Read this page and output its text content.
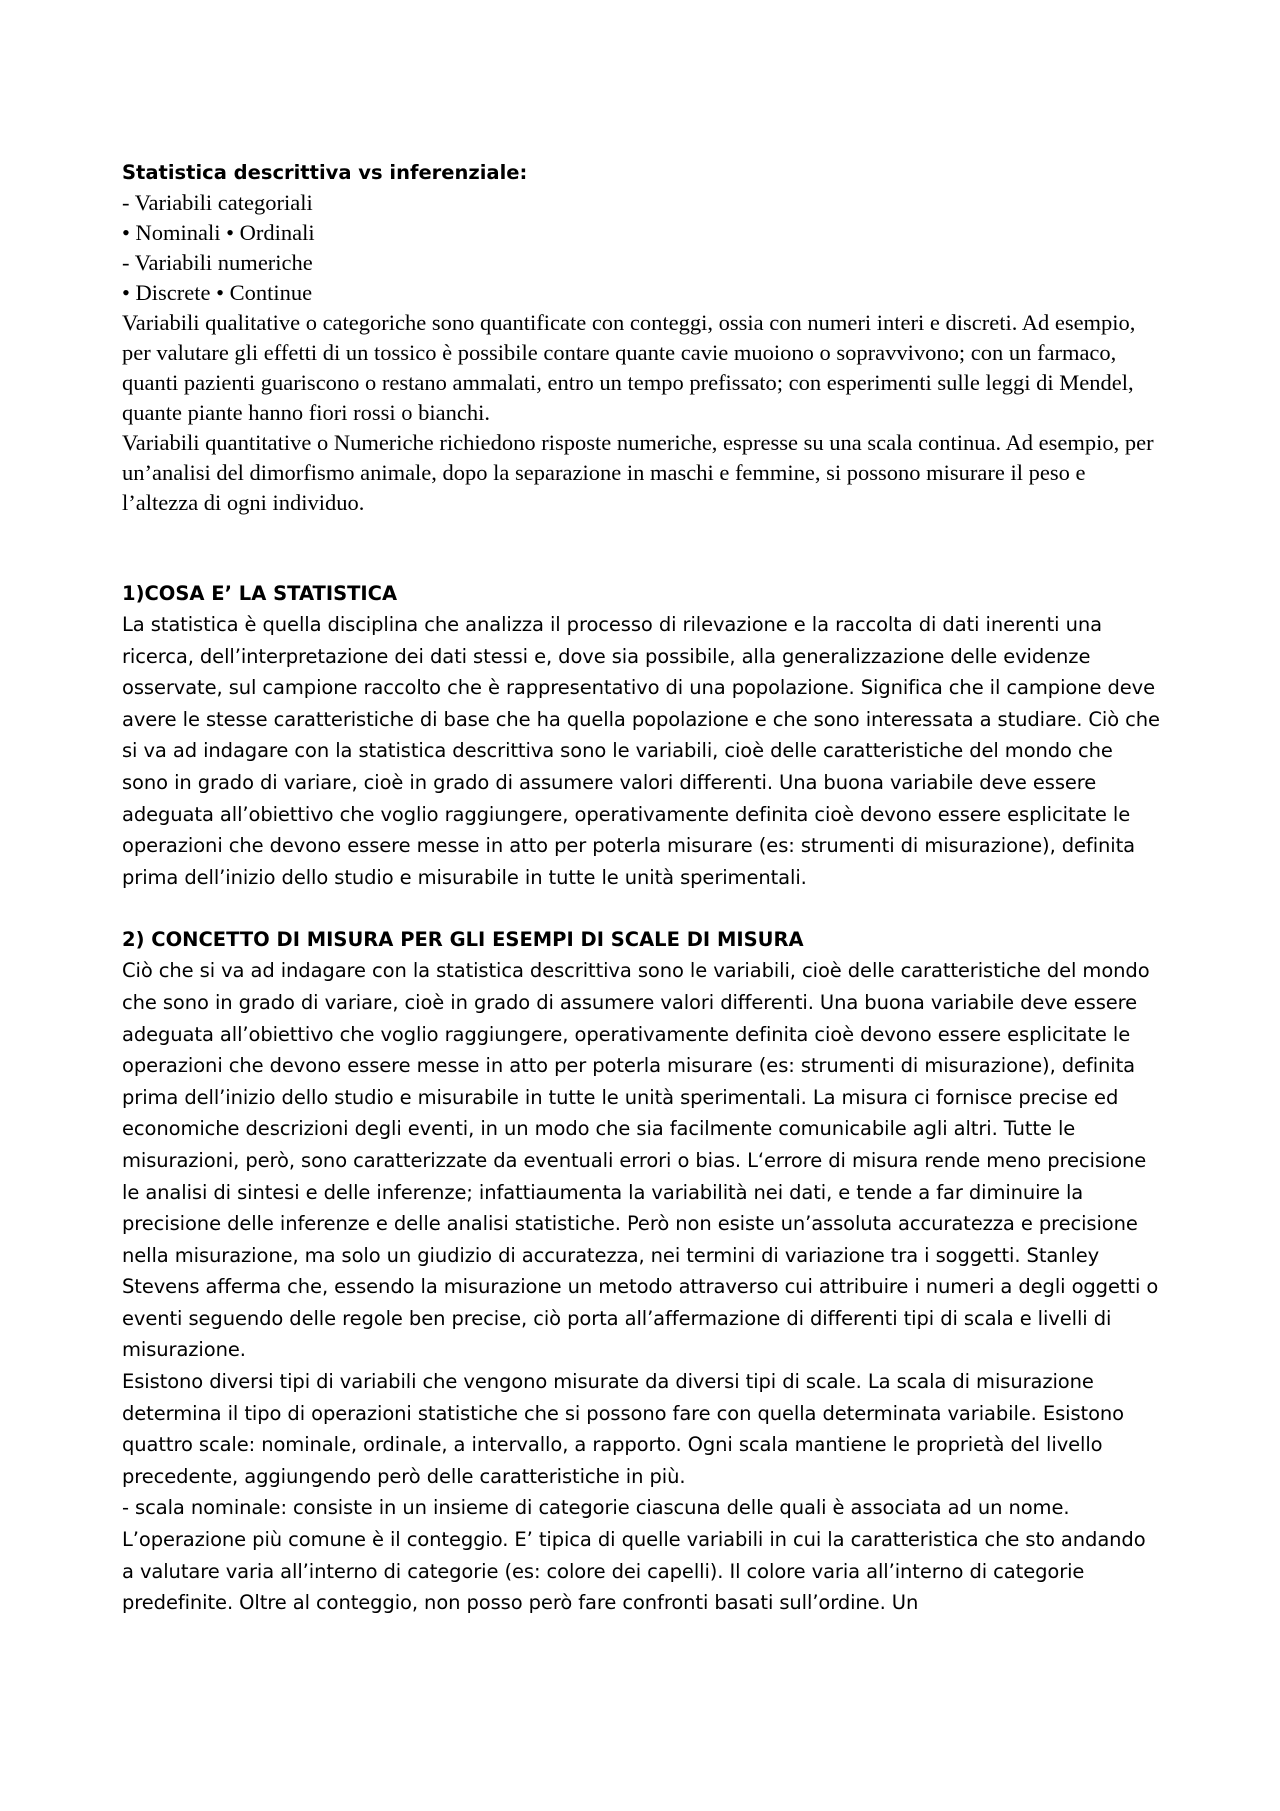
Statistica descrittiva vs inferenziale:

- Variabili categoriali

• Nominali • Ordinali

- Variabili numeriche

• Discrete • Continue

Variabili qualitative o categoriche sono quantificate con conteggi, ossia con numeri interi e discreti. Ad esempio, per valutare gli effetti di un tossico è possibile contare quante cavie muoiono o sopravvivono; con un farmaco, quanti pazienti guariscono o restano ammalati, entro un tempo prefissato; con esperimenti sulle leggi di Mendel, quante piante hanno fiori rossi o bianchi.

Variabili quantitative o Numeriche richiedono risposte numeriche, espresse su una scala continua. Ad esempio, per un’analisi del dimorfismo animale, dopo la separazione in maschi e femmine, si possono misurare il peso e l’altezza di ogni individuo.

1)COSA E’ LA STATISTICA

La statistica è quella disciplina che analizza il processo di rilevazione e la raccolta di dati inerenti una ricerca, dell’interpretazione dei dati stessi e, dove sia possibile, alla generalizzazione delle evidenze osservate, sul campione raccolto che è rappresentativo di una popolazione. Significa che il campione deve avere le stesse caratteristiche di base che ha quella popolazione e che sono interessata a studiare. Ciò che si va ad indagare con la statistica descrittiva sono le variabili, cioè delle caratteristiche del mondo che sono in grado di variare, cioè in grado di assumere valori differenti. Una buona variabile deve essere adeguata all’obiettivo che voglio raggiungere, operativamente definita cioè devono essere esplicitate le operazioni che devono essere messe in atto per poterla misurare (es: strumenti di misurazione), definita prima dell’inizio dello studio e misurabile in tutte le unità sperimentali.

2) CONCETTO DI MISURA PER GLI ESEMPI DI SCALE DI MISURA

Ciò che si va ad indagare con la statistica descrittiva sono le variabili, cioè delle caratteristiche del mondo che sono in grado di variare, cioè in grado di assumere valori differenti. Una buona variabile deve essere adeguata all’obiettivo che voglio raggiungere, operativamente definita cioè devono essere esplicitate le operazioni che devono essere messe in atto per poterla misurare (es: strumenti di misurazione), definita prima dell’inizio dello studio e misurabile in tutte le unità sperimentali. La misura ci fornisce precise ed economiche descrizioni degli eventi, in un modo che sia facilmente comunicabile agli altri. Tutte le misurazioni, però, sono caratterizzate da eventuali errori o bias. L‘errore di misura rende meno precisione le analisi di sintesi e delle inferenze; infattiaumenta la variabilità nei dati, e tende a far diminuire la precisione delle inferenze e delle analisi statistiche. Però non esiste un’assoluta accuratezza e precisione nella misurazione, ma solo un giudizio di accuratezza, nei termini di variazione tra i soggetti. Stanley Stevens afferma che, essendo la misurazione un metodo attraverso cui attribuire i numeri a degli oggetti o eventi seguendo delle regole ben precise, ciò porta all’affermazione di differenti tipi di scala e livelli di misurazione.

Esistono diversi tipi di variabili che vengono misurate da diversi tipi di scale. La scala di misurazione determina il tipo di operazioni statistiche che si possono fare con quella determinata variabile. Esistono quattro scale: nominale, ordinale, a intervallo, a rapporto. Ogni scala mantiene le proprietà del livello precedente, aggiungendo però delle caratteristiche in più.

- scala nominale: consiste in un insieme di categorie ciascuna delle quali è associata ad un nome. L’operazione più comune è il conteggio. E’ tipica di quelle variabili in cui la caratteristica che sto andando a valutare varia all’interno di categorie (es: colore dei capelli). Il colore varia all’interno di categorie predefinite. Oltre al conteggio, non posso però fare confronti basati sull’ordine. Un
